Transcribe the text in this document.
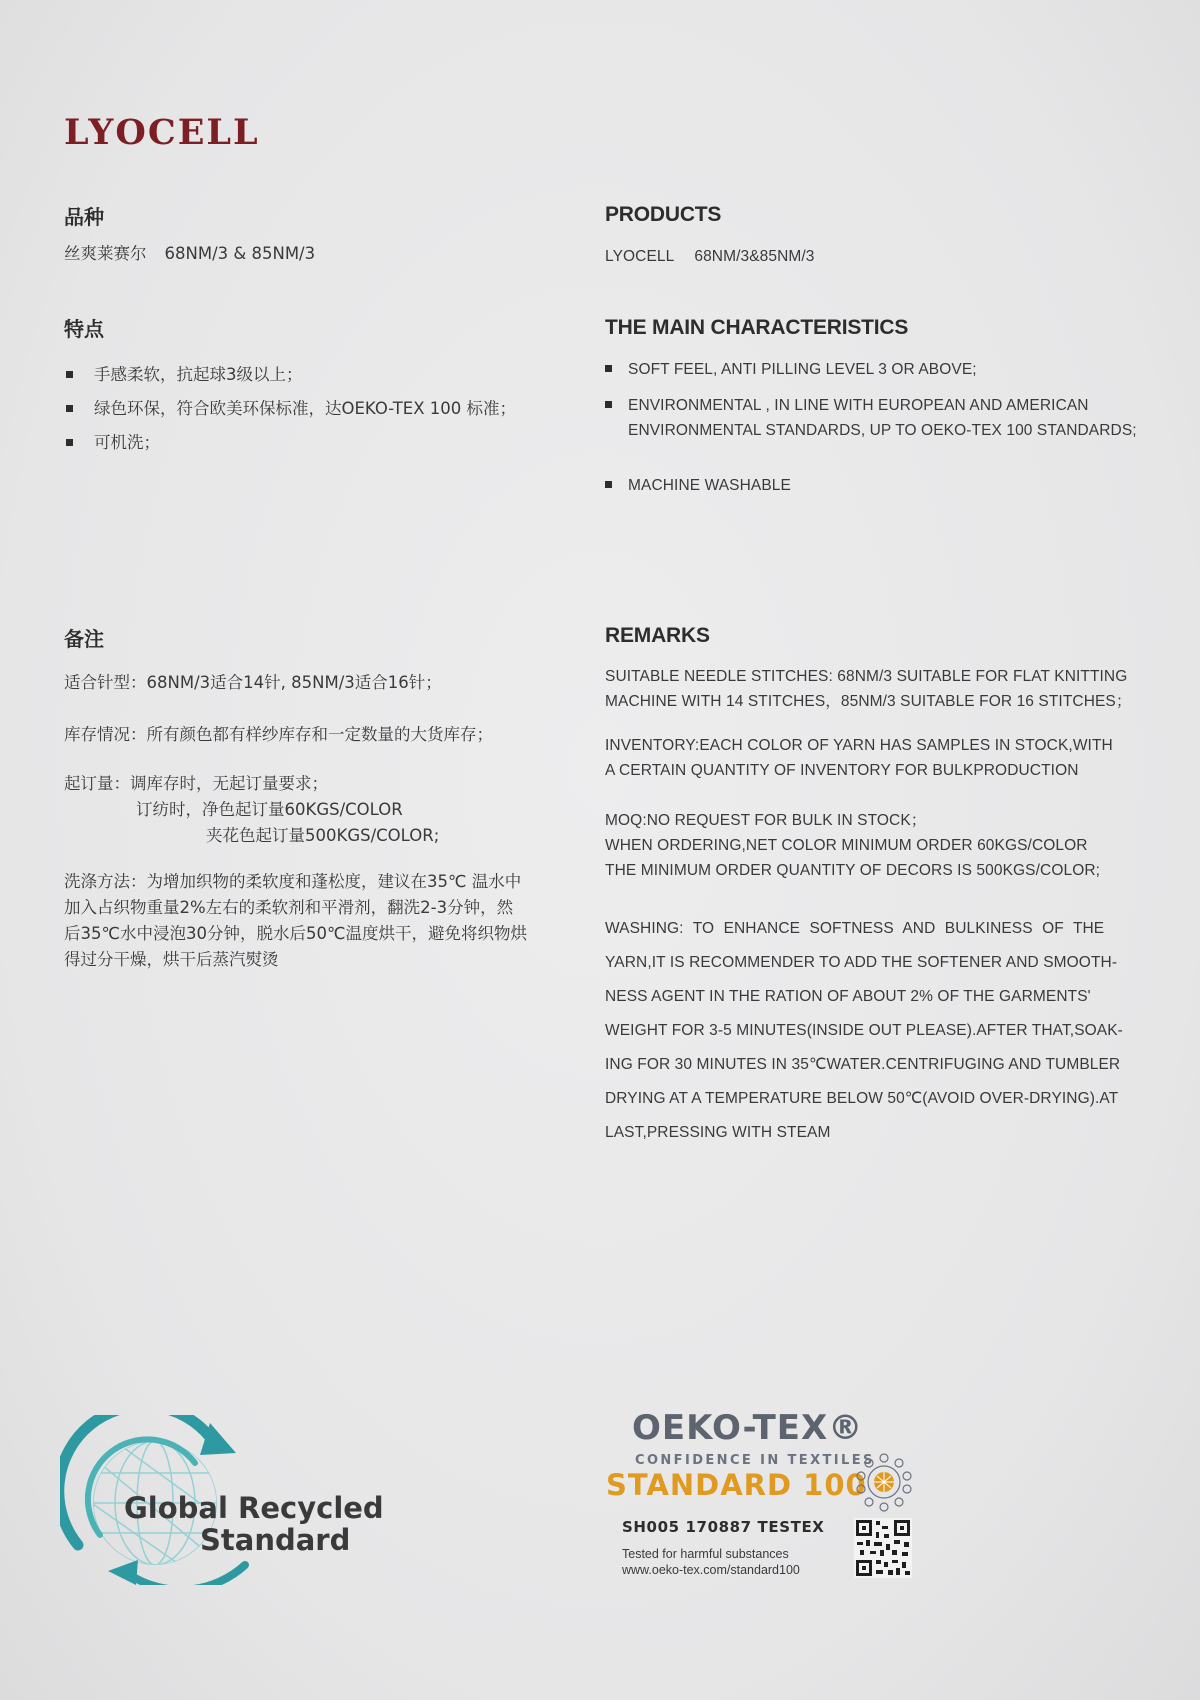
LYOCELL
品种
丝爽莱赛尔 68NM/3 & 85NM/3
特点
手感柔软，抗起球3级以上；
绿色环保，符合欧美环保标准，达OEKO-TEX 100 标准；
可机洗；
备注

适合针型：68NM/3适合14针, 85NM/3适合16针；

库存情况：所有颜色都有样纱库存和一定数量的大货库存；

起订量：调库存时，无起订量要求；
订纺时，净色起订量60KGS/COLOR
夹花色起订量500KGS/COLOR;
洗涤方法：为增加织物的柔软度和蓬松度，建议在35℃ 温水中
加入占织物重量2%左右的柔软剂和平滑剂，翻洗2-3分钟，然
后35℃水中浸泡30分钟，脱水后50℃温度烘干，避免将织物烘
得过分干燥，烘干后蒸汽熨烫
PRODUCTS
LYOCELL 68NM/3&85NM/3
THE MAIN CHARACTERISTICS
SOFT FEEL, ANTI PILLING LEVEL 3 OR ABOVE;
ENVIRONMENTAL , IN LINE WITH EUROPEAN AND AMERICAN
ENVIRONMENTAL STANDARDS, UP TO OEKO-TEX 100 STANDARDS;
MACHINE WASHABLE
REMARKS
SUITABLE NEEDLE STITCHES: 68NM/3 SUITABLE FOR FLAT KNITTING
MACHINE WITH 14 STITCHES，85NM/3 SUITABLE FOR 16 STITCHES；
INVENTORY:EACH COLOR OF YARN HAS SAMPLES IN STOCK,WITH
A CERTAIN QUANTITY OF INVENTORY FOR BULKPRODUCTION
MOQ:NO REQUEST FOR BULK IN STOCK；
WHEN ORDERING,NET COLOR MINIMUM ORDER 60KGS/COLOR
THE MINIMUM ORDER QUANTITY OF DECORS IS 500KGS/COLOR;
WASHING: TO ENHANCE SOFTNESS AND BULKINESS OF THE
YARN,IT IS RECOMMENDER TO ADD THE SOFTENER AND SMOOTH-
NESS AGENT IN THE RATION OF ABOUT 2% OF THE GARMENTS'
WEIGHT FOR 3-5 MINUTES(INSIDE OUT PLEASE).AFTER THAT,SOAK-
ING FOR 30 MINUTES IN 35℃WATER.CENTRIFUGING AND TUMBLER
DRYING AT A TEMPERATURE BELOW 50℃(AVOID OVER-DRYING).AT
LAST,PRESSING WITH STEAM
Global Recycled
Standard
OEKO-TEX®
CONFIDENCE IN TEXTILES
STANDARD 100
SH005 170887 TESTEX
Tested for harmful substances
www.oeko-tex.com/standard100
